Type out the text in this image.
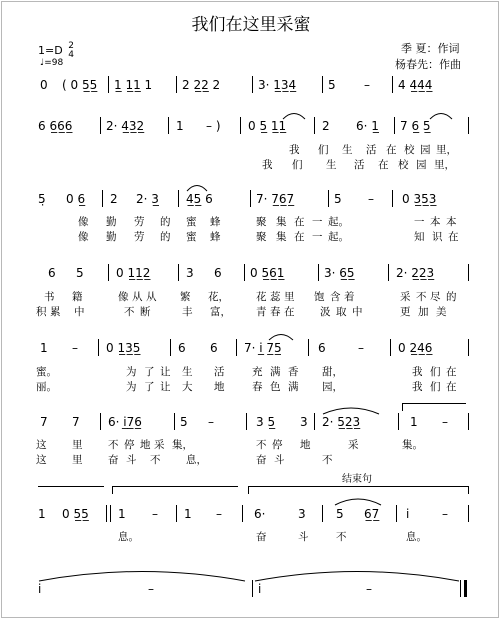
我们在这里采蜜
1=D 2
4
♩=98
季 夏：作词
杨春先：作曲
0 ( 0 5̲5̲ 1̲ 1̲1̲ 1 2 2̲2̲ 2	3· 1̲3̲4̲	5 – 4 4̲4̲4̲
6 6̲6̲6̲	2· 4̲3̲2̲	1 – ) 0 5̲ 1̲1̲	2 6· 1̲ 7 6̲ 5̲
我 们 生 活 在 校 园 里，
我 们 生 活 在 校 园 里，
5̣ 0 6̲ 2 2· 3̲ 4̲5̲ 6	7· 7̲6̲7̲	5 – 0 3̲5̲3̲
像 勤 劳 的 蜜 蜂	聚 集 在 一 起。	一 本 本
像 勤 劳 的 蜜 蜂	聚 集 在 一 起。	知 识 在
6 5	0 1̲1̲2̲	3 6 0 5̲6̲1̲	3· 6̲5̲	2· 2̲2̲3̲
书 籍	像 从 从 繁 花，	花 蕊 里 饱 含 着	采 不 尽 的
积 累 中	不 断	丰 富， 青 春 在 汲 取 中	更 加 美
1 – 0 1̲3̲5̲	6 6 7· i̲ 7̲5̲	6	–	0 2̲4̲6̲
蜜。	为 了 让 生 活	充 满 香 甜，	我 们 在
丽。	为 了 让 大 地	春 色 满 园，	我 们 在
7 7 6· i̲7̲6̲	5 –	3 5̲ 3 2· 5̲2̲3̲	1 –
这 里 不 停 地 采 集，	不 停 地	采	集。
这 里 奋 斗 不 息，	奋 斗	不
结束句
1 0 5̲5̲ 1 – 1 –	6·	3	5 6̲7̲ i	–
息。	奋	斗	不	息。
i	–	i	–
